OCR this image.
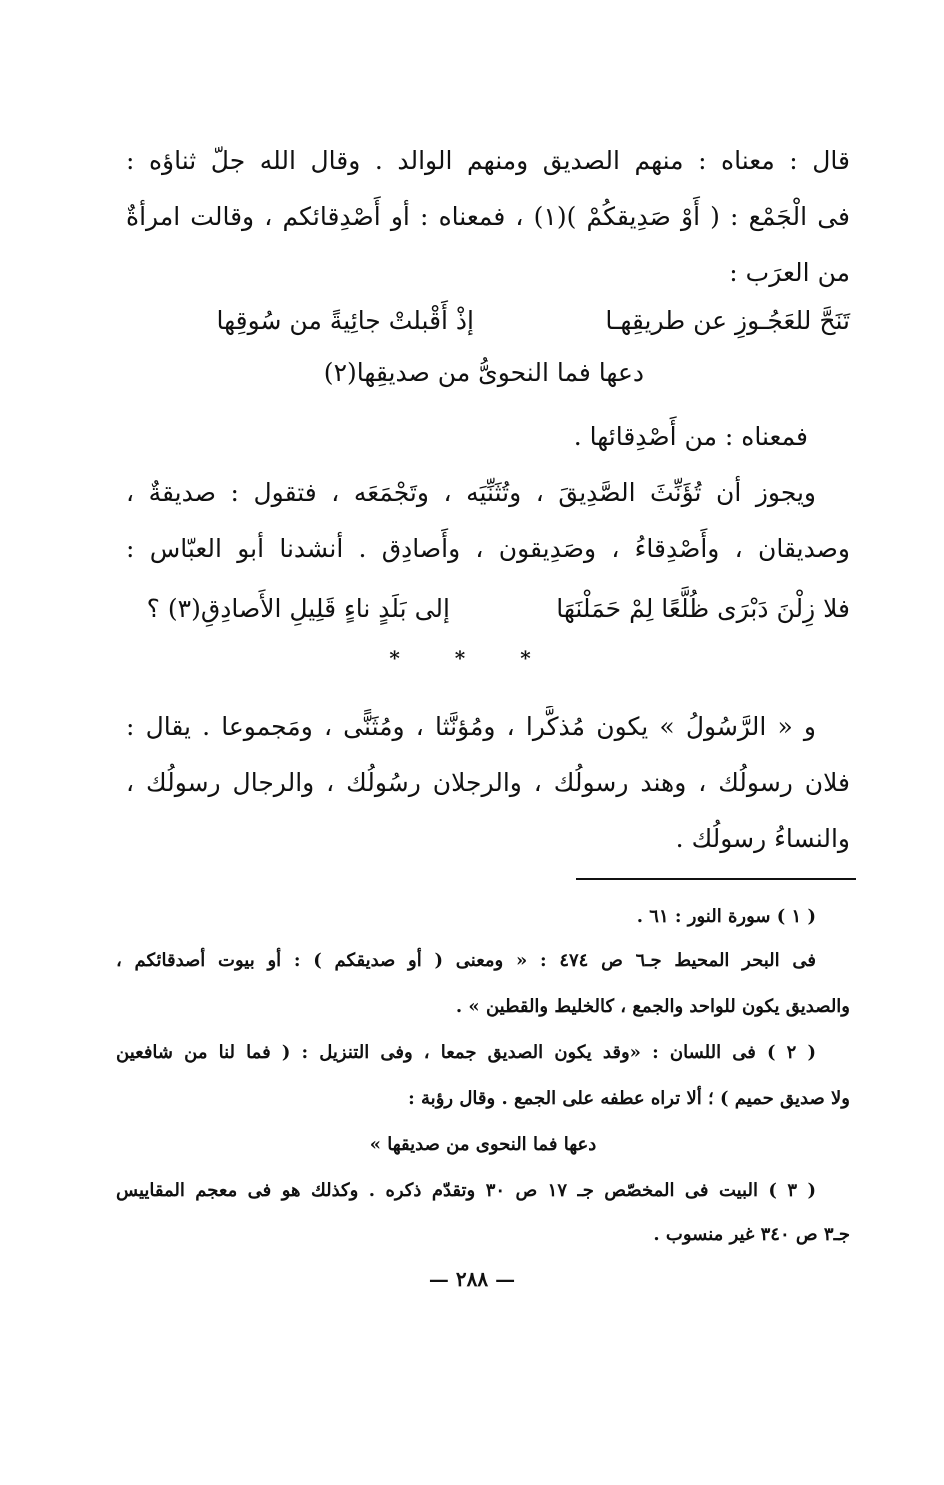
قال : معناه : منهم الصديق ومنهم الوالد . وقال الله جلّ ثناؤه :
فى الْجَمْع : ( أَوْ صَدِيقكُمْ )(١) ، فمعناه : أو أَصْدِقائكم ، وقالت امرأةٌ
من العرَب :
تَنَحَّ للعَجُـوزِ عن طريقِهـا
إذْ أَقْبلتْ جائِيةً من سُوقِها
دعها فما النحوىُّ من صديقِها(٢)
فمعناه : من أَصْدِقائها .
ويجوز أن تُؤَنِّثَ الصَّدِيقَ ، وتُثَنِّيَه ، وتَجْمَعَه ، فتقول : صديقةٌ ،
وصديقان ، وأَصْدِقاءُ ، وصَدِيقون ، وأَصادِق . أنشدنا أبو العبّاس :
فلا زِلْنَ دَبْرَى ظُلَّعًا لِمْ حَمَلْنَهَا
إلى بَلَدٍ ناءٍ قَلِيلِ الأَصادِقِ(٣) ؟
* * *
و « الرَّسُولُ » يكون مُذكَّرا ، ومُؤنَّثا ، ومُثَنًّى ، ومَجموعا . يقال :
فلان رسولُك ، وهند رسولُك ، والرجلان رسُولُك ، والرجال رسولُك ،
والنساءُ رسولُك .
( ١ ) سورة النور : ٦١ .
فى البحر المحيط جـ٦ ص ٤٧٤ : « ومعنى ( أو صديقكم ) : أو بيوت أصدقائكم ،
والصديق يكون للواحد والجمع ، كالخليط والقطين » .
( ٢ ) فى اللسان : «وقد يكون الصديق جمعا ، وفى التنزيل : ( فما لنا من شافعين
ولا صديق حميم ) ؛ ألا تراه عطفه على الجمع . وقال رؤبة :
دعها فما النحوى من صديقها »
( ٣ ) البيت فى المخصّص جـ ١٧ ص ٣٠ وتقدّم ذكره . وكذلك هو فى معجم المقاييس
جـ٣ ص ٣٤٠ غير منسوب .
— ٢٨٨ —
